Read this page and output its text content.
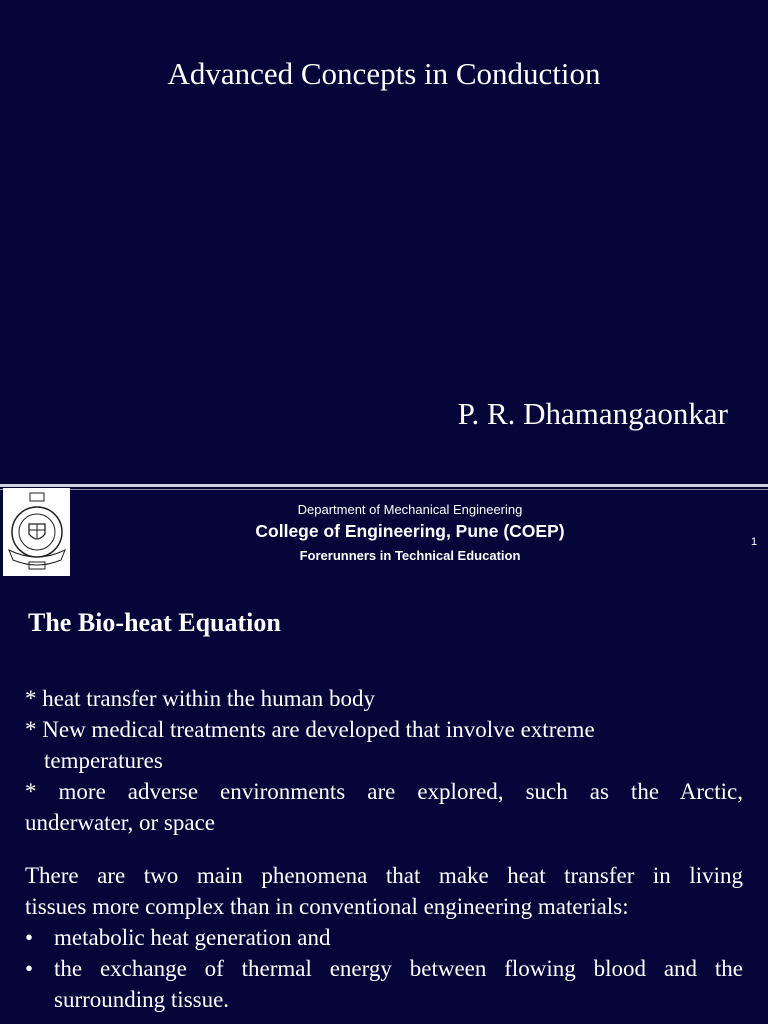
Advanced Concepts in Conduction
P. R. Dhamangaonkar
Department of Mechanical Engineering
College of Engineering, Pune (COEP)
Forerunners in Technical Education
1
The Bio-heat Equation

* heat transfer within the human body

* New medical treatments are developed that involve extreme

temperatures

* more adverse environments are explored, such as the Arctic,

underwater, or space

There are two main phenomena that make heat transfer in living

tissues more complex than in conventional engineering materials:

• metabolic heat generation and
• the exchange of thermal energy between flowing blood and the
surrounding tissue.
